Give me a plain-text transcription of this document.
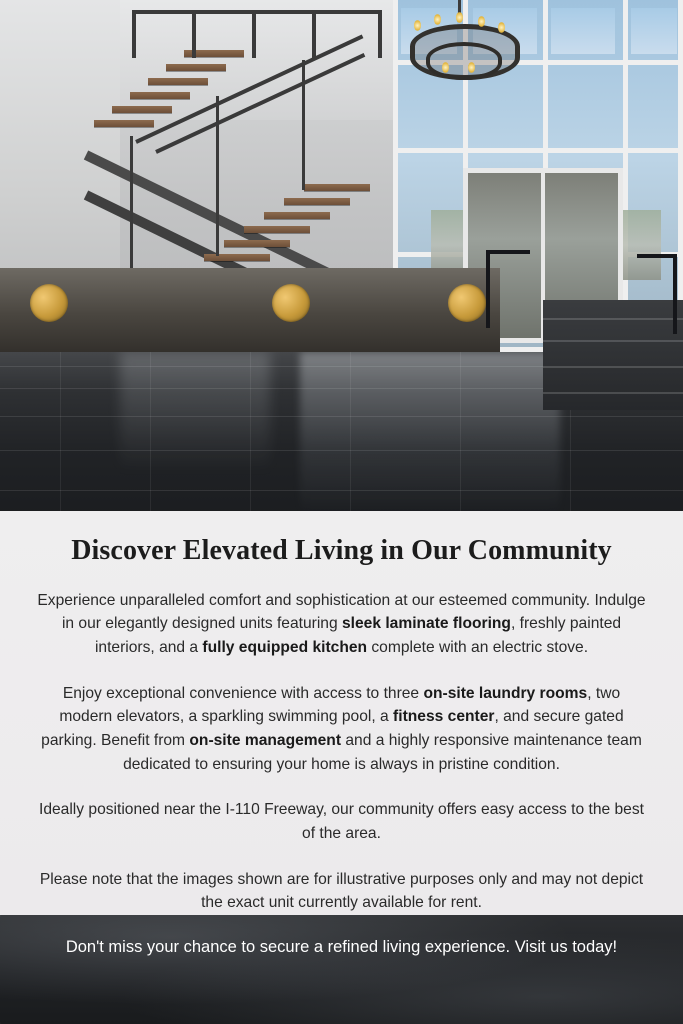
Discover Elevated Living in Our Community

Experience unparalleled comfort and sophistication at our esteemed community. Indulge in our elegantly designed units featuring sleek laminate flooring, freshly painted interiors, and a fully equipped kitchen complete with an electric stove.

Enjoy exceptional convenience with access to three on-site laundry rooms, two modern elevators, a sparkling swimming pool, a fitness center, and secure gated parking. Benefit from on-site management and a highly responsive maintenance team dedicated to ensuring your home is always in pristine condition.

Ideally positioned near the I-110 Freeway, our community offers easy access to the best of the area.

Please note that the images shown are for illustrative purposes only and may not depict the exact unit currently available for rent.

Don't miss your chance to secure a refined living experience. Visit us today!
